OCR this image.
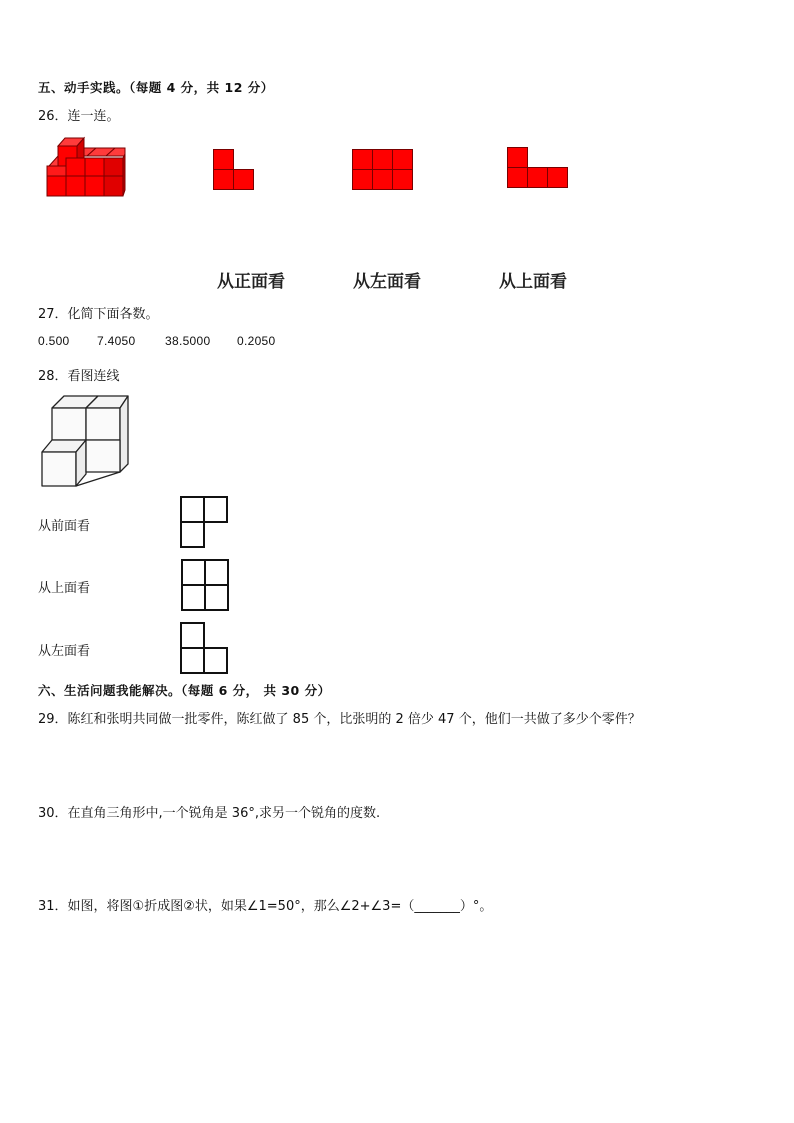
五、动手实践。（每题 4 分，共 12 分）
26．连一连。
从正面看	从左面看	从上面看
27．化简下面各数。
0.500 7.4050 38.5000 0.2050
28．看图连线
从前面看
从上面看
从左面看
六、生活问题我能解决。（每题 6 分， 共 30 分）
29．陈红和张明共同做一批零件，陈红做了 85 个，比张明的 2 倍少 47 个，他们一共做了多少个零件？
30．在直角三角形中,一个锐角是 36°,求另一个锐角的度数.
31．如图，将图①折成图②状，如果∠1=50°，那么∠2+∠3=（_______）°。
